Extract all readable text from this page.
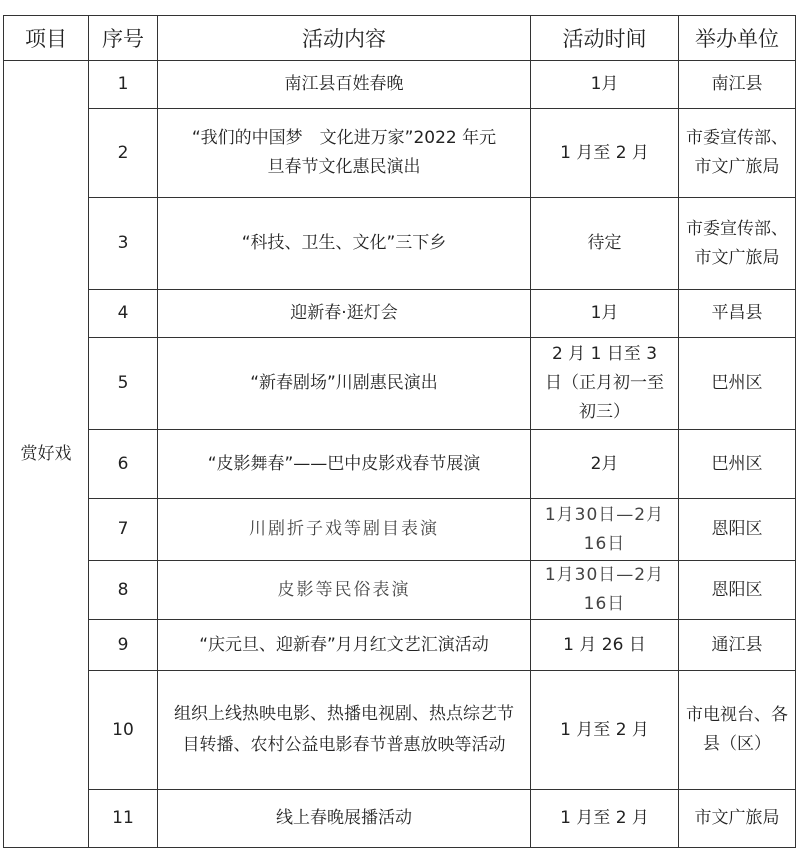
项目	序号	活动内容	活动时间	举办单位
赏好戏	1	南江县百姓春晚	1月	南江县
	2	“我们的中国梦　文化进万家”2022 年元旦春节文化惠民演出	1 月至 2 月	市委宣传部、市文广旅局
	3	“科技、卫生、文化”三下乡	待定	市委宣传部、市文广旅局
	4	迎新春·逛灯会	1月	平昌县
	5	“新春剧场”川剧惠民演出	2 月 1 日至 3 日（正月初一至初三）	巴州区
	6	“皮影舞春”——巴中皮影戏春节展演	2月	巴州区
	7	川剧折子戏等剧目表演	1月30日—2月16日	恩阳区
	8	皮影等民俗表演	1月30日—2月16日	恩阳区
	9	“庆元旦、迎新春”月月红文艺汇演活动	1 月 26 日	通江县
	10	组织上线热映电影、热播电视剧、热点综艺节目转播、农村公益电影春节普惠放映等活动	1 月至 2 月	市电视台、各县（区）
	11	线上春晚展播活动	1 月至 2 月	市文广旅局
